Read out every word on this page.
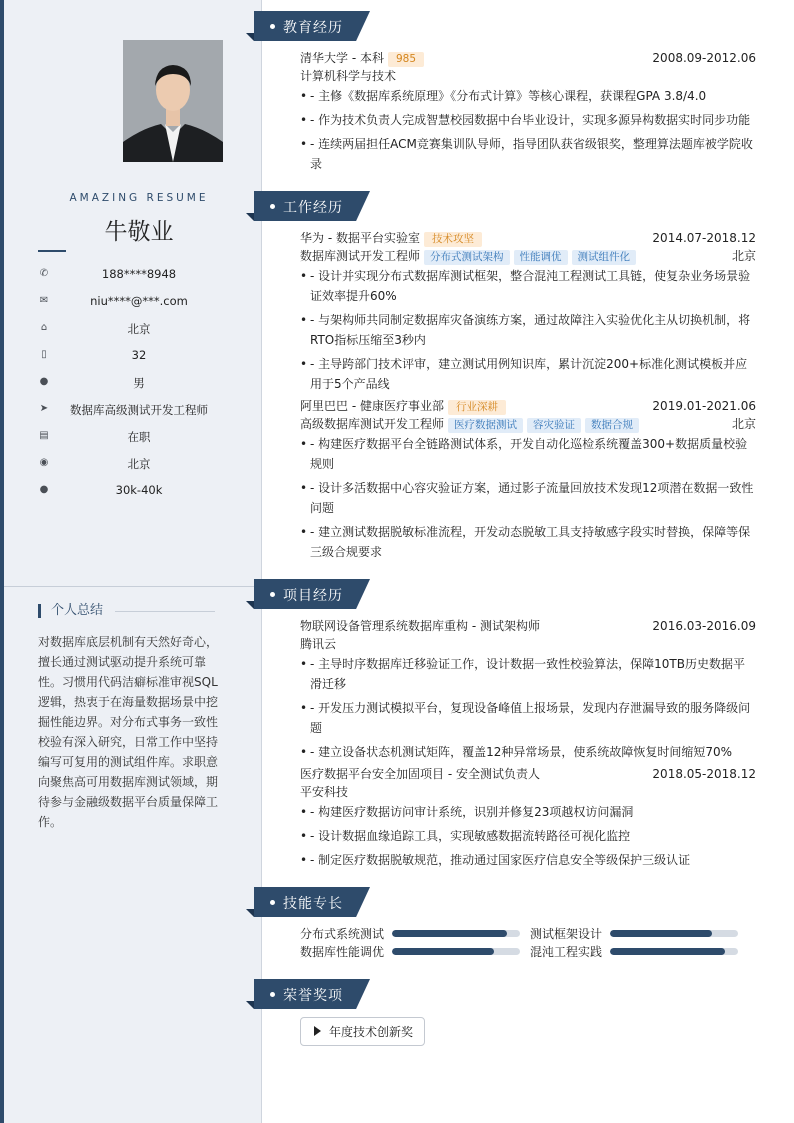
AMAZING RESUME
牛敬业
✆	188****8948
✉	niu****@***.com
⌂	北京
▯	32
●	男
➤	数据库高级测试开发工程师
▤	在职
◉	北京
●	30k-40k
个人总结
对数据库底层机制有天然好奇心，擅长通过测试驱动提升系统可靠性。习惯用代码洁癖标准审视SQL逻辑，热衷于在海量数据场景中挖掘性能边界。对分布式事务一致性校验有深入研究，日常工作中坚持编写可复用的测试组件库。求职意向聚焦高可用数据库测试领域，期待参与金融级数据平台质量保障工作。
教育经历
清华大学 - 本科 985	2008.09-2012.06
计算机科学与技术
• - 主修《数据库系统原理》《分布式计算》等核心课程，获课程GPA 3.8/4.0
• - 作为技术负责人完成智慧校园数据中台毕业设计，实现多源异构数据实时同步功能
• - 连续两届担任ACM竞赛集训队导师，指导团队获省级银奖，整理算法题库被学院收录
工作经历
华为 - 数据平台实验室 技术攻坚	2014.07-2018.12
数据库测试开发工程师 分布式测试架构 性能调优 测试组件化	北京
• - 设计并实现分布式数据库测试框架，整合混沌工程测试工具链，使复杂业务场景验证效率提升60%
• - 与架构师共同制定数据库灾备演练方案，通过故障注入实验优化主从切换机制，将RTO指标压缩至3秒内
• - 主导跨部门技术评审，建立测试用例知识库，累计沉淀200+标准化测试模板并应用于5个产品线
阿里巴巴 - 健康医疗事业部 行业深耕	2019.01-2021.06
高级数据库测试开发工程师 医疗数据测试 容灾验证 数据合规	北京
• - 构建医疗数据平台全链路测试体系，开发自动化巡检系统覆盖300+数据质量校验规则
• - 设计多活数据中心容灾验证方案，通过影子流量回放技术发现12项潜在数据一致性问题
• - 建立测试数据脱敏标准流程，开发动态脱敏工具支持敏感字段实时替换，保障等保三级合规要求
项目经历
物联网设备管理系统数据库重构 - 测试架构师	2016.03-2016.09
腾讯云
• - 主导时序数据库迁移验证工作，设计数据一致性校验算法，保障10TB历史数据平滑迁移
• - 开发压力测试模拟平台，复现设备峰值上报场景，发现内存泄漏导致的服务降级问题
• - 建立设备状态机测试矩阵，覆盖12种异常场景，使系统故障恢复时间缩短70%
医疗数据平台安全加固项目 - 安全测试负责人	2018.05-2018.12
平安科技
• - 构建医疗数据访问审计系统，识别并修复23项越权访问漏洞
• - 设计数据血缘追踪工具，实现敏感数据流转路径可视化监控
• - 制定医疗数据脱敏规范，推动通过国家医疗信息安全等级保护三级认证
技能专长
分布式系统测试	测试框架设计
数据库性能调优	混沌工程实践
荣誉奖项
年度技术创新奖
